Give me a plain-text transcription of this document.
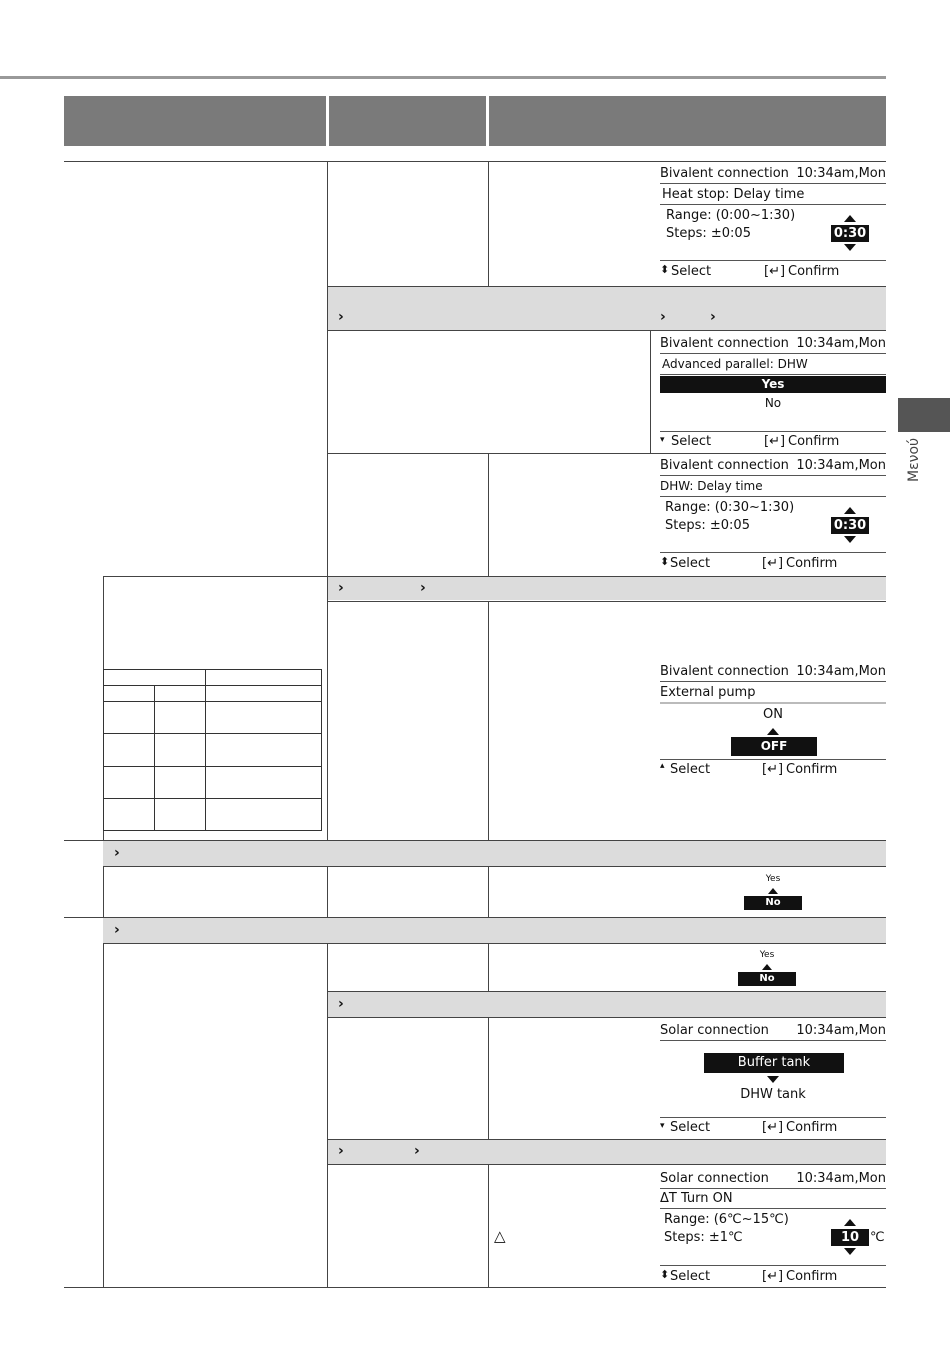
Μενού
›	›	›
›	›
›
›
›
›	›

Bivalent connection 10:34am,Mon
Heat stop: Delay time
Range: (0:00~1:30)
Steps: ±0:05	0:30
⬍ Select	[↵] Confirm
Bivalent connection 10:34am,Mon
Advanced parallel: DHW
Yes
No
▾ Select	[↵] Confirm
Bivalent connection 10:34am,Mon
DHW: Delay time
Range: (0:30~1:30)
Steps: ±0:05	0:30
⬍ Select	[↵] Confirm
Bivalent connection 10:34am,Mon
External pump
ON
OFF
▴ Select	[↵] Confirm
Yes
No
Yes
No
Solar connection 10:34am,Mon
Buffer tank
DHW tank
▾ Select	[↵] Confirm
Solar connection 10:34am,Mon
ΔT Turn ON
Range: (6℃~15℃)
Steps: ±1℃	10 ℃
⬍ Select	[↵] Confirm
△
